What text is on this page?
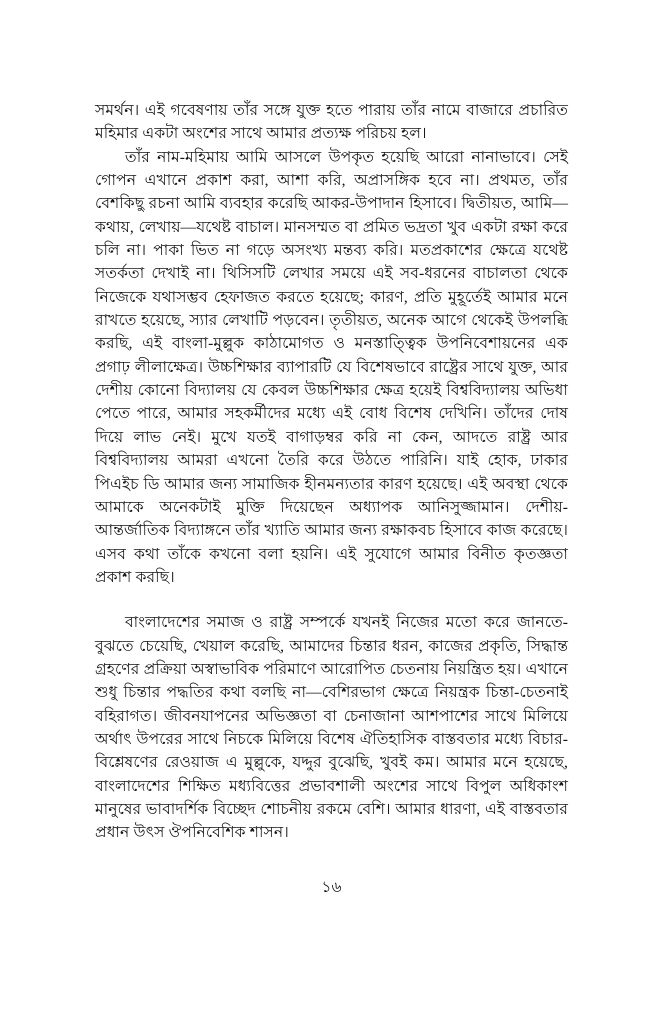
সমর্থন। এই গবেষণায় তাঁর সঙ্গে যুক্ত হতে পারায় তাঁর নামে বাজারে প্রচারিত মহিমার একটা অংশের সাথে আমার প্রত্যক্ষ পরিচয় হল।

তাঁর নাম-মহিমায় আমি আসলে উপকৃত হয়েছি আরো নানাভাবে। সেই গোপন এখানে প্রকাশ করা, আশা করি, অপ্রাসঙ্গিক হবে না। প্রথমত, তাঁর বেশকিছু রচনা আমি ব্যবহার করেছি আকর-উপাদান হিসাবে। দ্বিতীয়ত, আমি—কথায়, লেখায়—যথেষ্ট বাচাল। মানসম্মত বা প্রমিত ভদ্রতা খুব একটা রক্ষা করে চলি না। পাকা ভিত না গড়ে অসংখ্য মন্তব্য করি। মতপ্রকাশের ক্ষেত্রে যথেষ্ট সতর্কতা দেখাই না। থিসিসটি লেখার সময়ে এই সব-ধরনের বাচালতা থেকে নিজেকে যথাসম্ভব হেফাজত করতে হয়েছে; কারণ, প্রতি মুহূর্তেই আমার মনে রাখতে হয়েছে, স্যার লেখাটি পড়বেন। তৃতীয়ত, অনেক আগে থেকেই উপলব্ধি করছি, এই বাংলা-মুল্লুক কাঠামোগত ও মনস্তাত্ত্বিক উপনিবেশায়নের এক প্রগাঢ় লীলাক্ষেত্র। উচ্চশিক্ষার ব্যাপারটি যে বিশেষভাবে রাষ্ট্রের সাথে যুক্ত, আর দেশীয় কোনো বিদ্যালয় যে কেবল উচ্চশিক্ষার ক্ষেত্র হয়েই বিশ্ববিদ্যালয় অভিধা পেতে পারে, আমার সহকর্মীদের মধ্যে এই বোধ বিশেষ দেখিনি। তাঁদের দোষ দিয়ে লাভ নেই। মুখে যতই বাগাড়ম্বর করি না কেন, আদতে রাষ্ট্র আর বিশ্ববিদ্যালয় আমরা এখনো তৈরি করে উঠতে পারিনি। যাই হোক, ঢাকার পিএইচ ডি আমার জন্য সামাজিক হীনমন্যতার কারণ হয়েছে। এই অবস্থা থেকে আমাকে অনেকটাই মুক্তি দিয়েছেন অধ্যাপক আনিসুজ্জামান। দেশীয়-আন্তর্জাতিক বিদ্যাঙ্গনে তাঁর খ্যাতি আমার জন্য রক্ষাকবচ হিসাবে কাজ করেছে। এসব কথা তাঁকে কখনো বলা হয়নি। এই সুযোগে আমার বিনীত কৃতজ্ঞতা প্রকাশ করছি।

বাংলাদেশের সমাজ ও রাষ্ট্র সম্পর্কে যখনই নিজের মতো করে জানতে-বুঝতে চেয়েছি, খেয়াল করেছি, আমাদের চিন্তার ধরন, কাজের প্রকৃতি, সিদ্ধান্ত গ্রহণের প্রক্রিয়া অস্বাভাবিক পরিমাণে আরোপিত চেতনায় নিয়ন্ত্রিত হয়। এখানে শুধু চিন্তার পদ্ধতির কথা বলছি না—বেশিরভাগ ক্ষেত্রে নিয়ন্ত্রক চিন্তা-চেতনাই বহিরাগত। জীবনযাপনের অভিজ্ঞতা বা চেনাজানা আশপাশের সাথে মিলিয়ে অর্থাৎ উপরের সাথে নিচকে মিলিয়ে বিশেষ ঐতিহাসিক বাস্তবতার মধ্যে বিচার-বিশ্লেষণের রেওয়াজ এ মুল্লুকে, যদ্দুর বুঝেছি, খুবই কম। আমার মনে হয়েছে, বাংলাদেশের শিক্ষিত মধ্যবিত্তের প্রভাবশালী অংশের সাথে বিপুল অধিকাংশ মানুষের ভাবাদর্শিক বিচ্ছেদ শোচনীয় রকমে বেশি। আমার ধারণা, এই বাস্তবতার প্রধান উৎস ঔপনিবেশিক শাসন।

১৬
